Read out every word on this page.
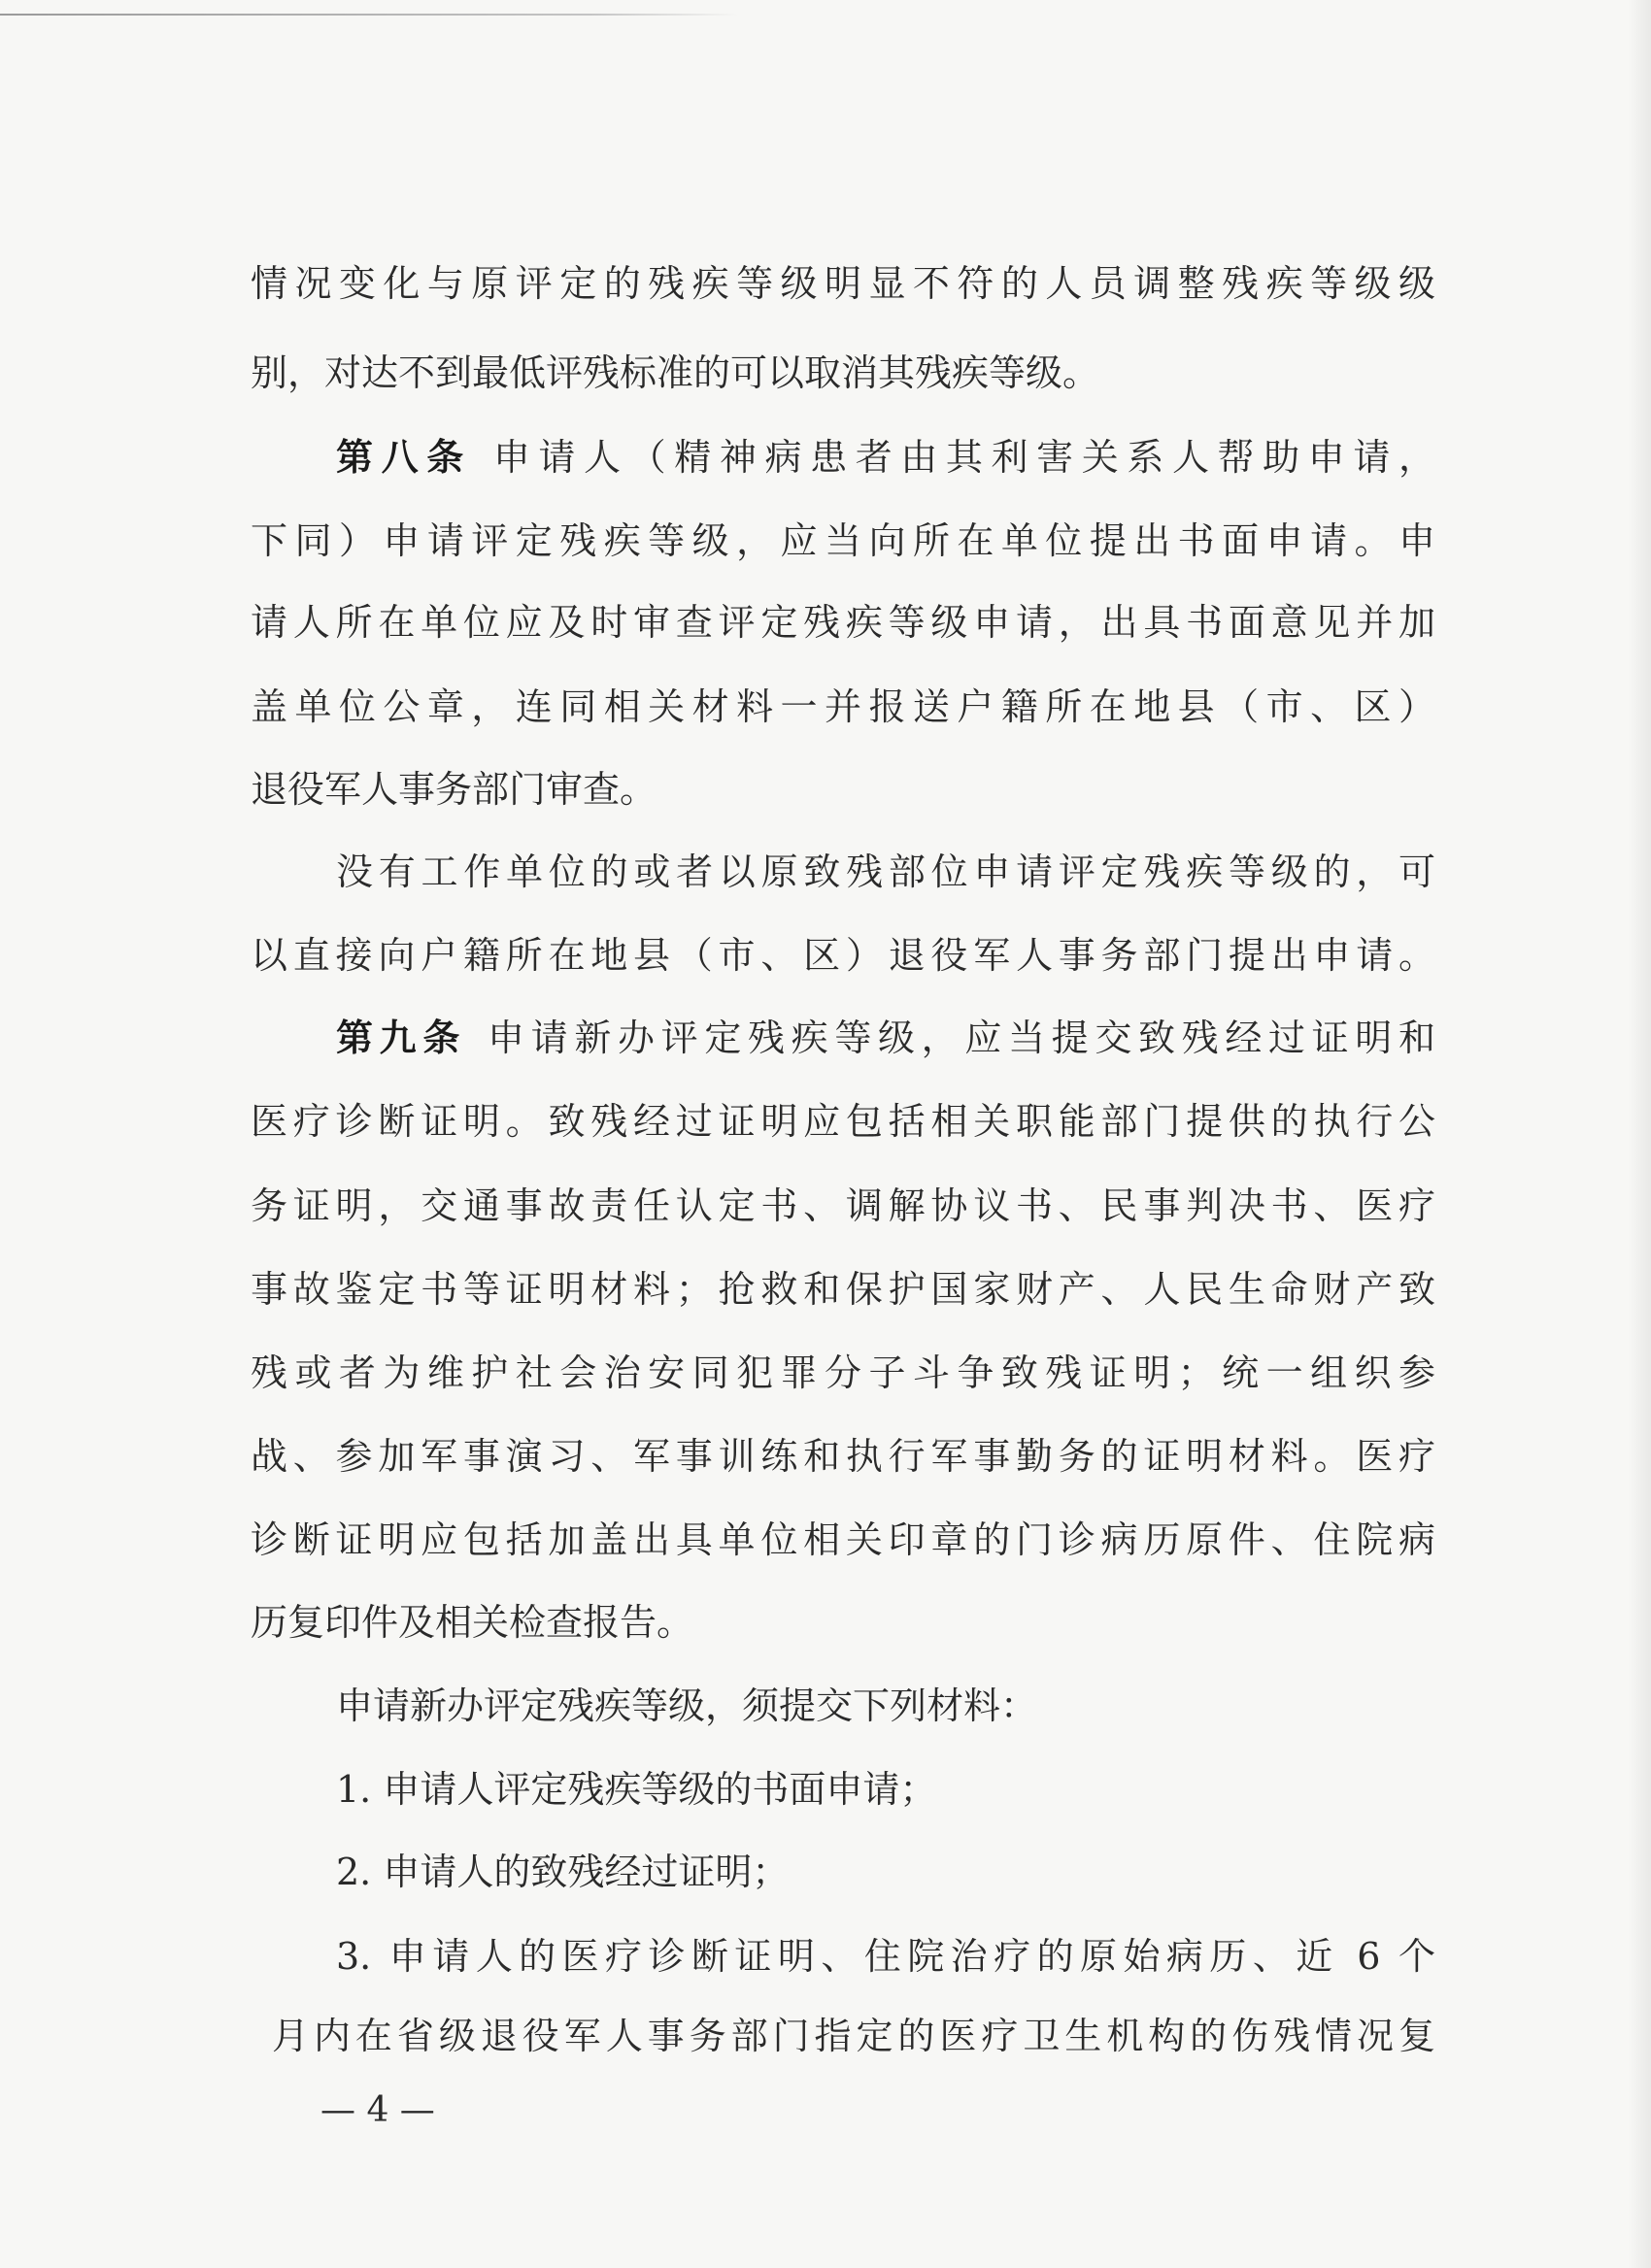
情况变化与原评定的残疾等级明显不符的人员调整残疾等级级
别，对达不到最低评残标准的可以取消其残疾等级。
第八条 申请人（精神病患者由其利害关系人帮助申请，
下同）申请评定残疾等级，应当向所在单位提出书面申请。申
请人所在单位应及时审查评定残疾等级申请，出具书面意见并加
盖单位公章，连同相关材料一并报送户籍所在地县（市、区）
退役军人事务部门审查。
没有工作单位的或者以原致残部位申请评定残疾等级的，可
以直接向户籍所在地县（市、区）退役军人事务部门提出申请。
第九条 申请新办评定残疾等级，应当提交致残经过证明和
医疗诊断证明。致残经过证明应包括相关职能部门提供的执行公
务证明，交通事故责任认定书、调解协议书、民事判决书、医疗
事故鉴定书等证明材料；抢救和保护国家财产、人民生命财产致
残或者为维护社会治安同犯罪分子斗争致残证明；统一组织参
战、参加军事演习、军事训练和执行军事勤务的证明材料。医疗
诊断证明应包括加盖出具单位相关印章的门诊病历原件、住院病
历复印件及相关检查报告。
申请新办评定残疾等级，须提交下列材料：
1. 申请人评定残疾等级的书面申请；
2. 申请人的致残经过证明；
3. 申请人的医疗诊断证明、住院治疗的原始病历、近 6 个
月内在省级退役军人事务部门指定的医疗卫生机构的伤残情况复
— 4 —
